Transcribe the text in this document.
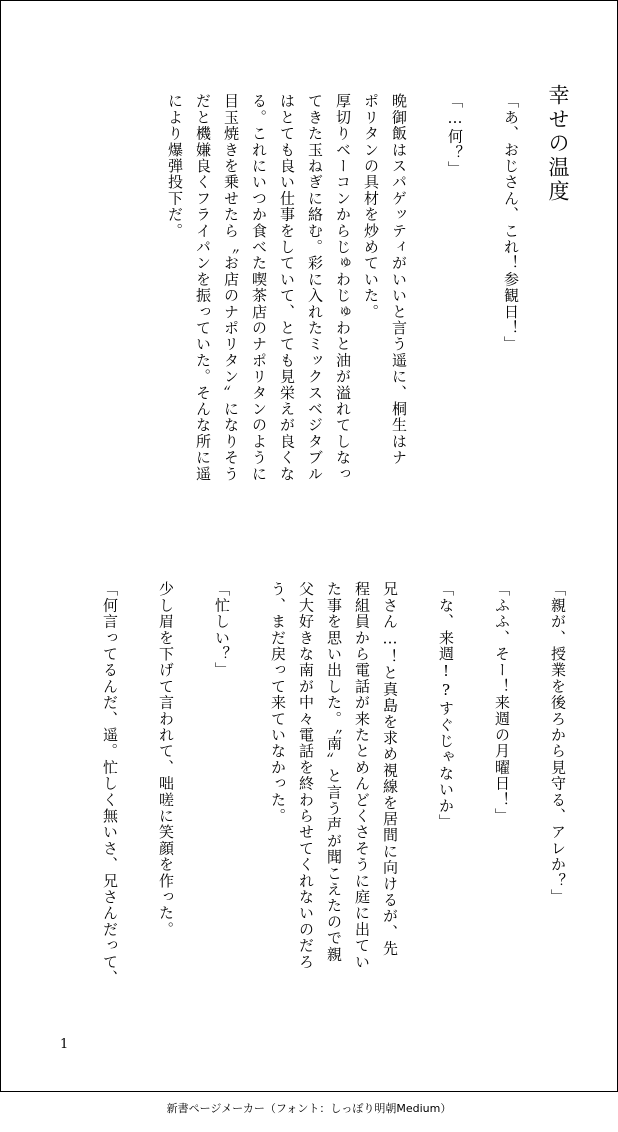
幸せの温度
「あ、おじさん、これ！参観日！」

「…何？」

晩御飯はスパゲッティがいいと言う遥に、桐生はナ
ポリタンの具材を炒めていた。
厚切りベーコンからじゅわじゅわと油が溢れてしなっ
てきた玉ねぎに絡む。彩に入れたミックスベジタブル
はとても良い仕事をしていて、とても見栄えが良くな
る。これにいつか食べた喫茶店のナポリタンのように
目玉焼きを乗せたら〝お店のナポリタン〟になりそう
だと機嫌良くフライパンを振っていた。そんな所に遥
により爆弾投下だ。
「親が、授業を後ろから見守る、アレか？」

「ふふ、そー！来週の月曜日！」

「な、来週!?すぐじゃないか」

兄さん…！と真島を求め視線を居間に向けるが、先
程組員から電話が来たとめんどくさそうに庭に出てい
た事を思い出した。〝南〟と言う声が聞こえたので親
父大好きな南が中々電話を終わらせてくれないのだろ
う、まだ戻って来ていなかった。

「忙しい？」

少し眉を下げて言われて、咄嗟に笑顔を作った。

「何言ってるんだ、遥。忙しく無いさ、兄さんだって、
1
新書ページメーカー（フォント：しっぽり明朝Medium）
